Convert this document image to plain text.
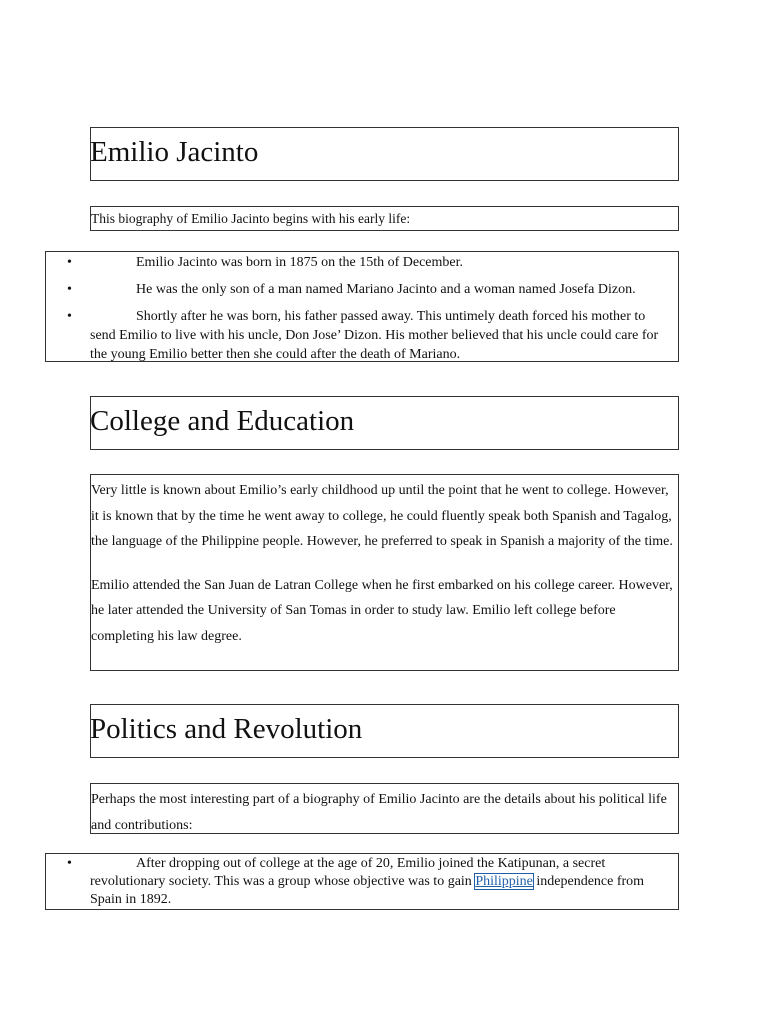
Emilio Jacinto
This biography of Emilio Jacinto begins with his early life:
•	Emilio Jacinto was born in 1875 on the 15th of December.
•	He was the only son of a man named Mariano Jacinto and a woman named Josefa Dizon.
•	Shortly after he was born, his father passed away. This untimely death forced his mother to send Emilio to live with his uncle, Don Jose’ Dizon. His mother believed that his uncle could care for the young Emilio better then she could after the death of Mariano.
College and Education

Very little is known about Emilio’s early childhood up until the point that he went to college. However, it is known that by the time he went away to college, he could fluently speak both Spanish and Tagalog, the language of the Philippine people. However, he preferred to speak in Spanish a majority of the time.

Emilio attended the San Juan de Latran College when he first embarked on his college career. However, he later attended the University of San Tomas in order to study law. Emilio left college before completing his law degree.

Politics and Revolution

Perhaps the most interesting part of a biography of Emilio Jacinto are the details about his political life and contributions:

•	After dropping out of college at the age of 20, Emilio joined the Katipunan, a secret revolutionary society. This was a group whose objective was to gain Philippine independence from Spain in 1892.
